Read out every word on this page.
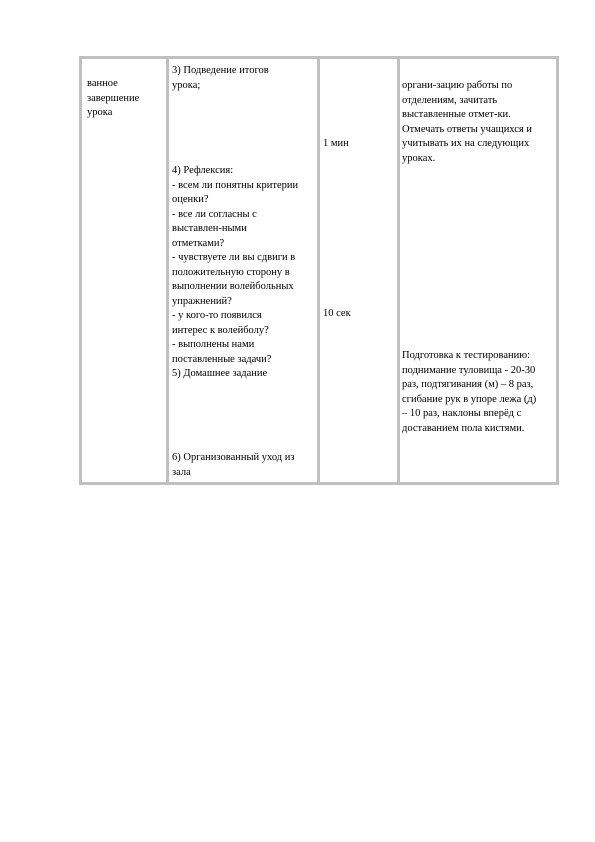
ванное

завершение

урока

3) Подведение итогов

урока;

4) Рефлексия:

- всем ли понятны критерии

оценки?

- все ли согласны с

выставлен-ными

отметками?

- чувствуете ли вы сдвиги в

положительную сторону в

выполнении волейбольных

упражнений?

- у кого-то появился

интерес к волейболу?

- выполнены нами

поставленные задачи?

5) Домашнее задание

6) Организованный уход из

зала

1 мин

10 сек

органи-зацию работы по

отделениям, зачитать

выставленные отмет-ки.

Отмечать ответы учащихся и

учитывать их на следующих

уроках.

Подготовка к тестированию:

поднимание туловища - 20-30

раз, подтягивания (м) – 8 раз,

сгибание рук в упоре лежа (д)

– 10 раз, наклоны вперёд с

доставанием пола кистями.
